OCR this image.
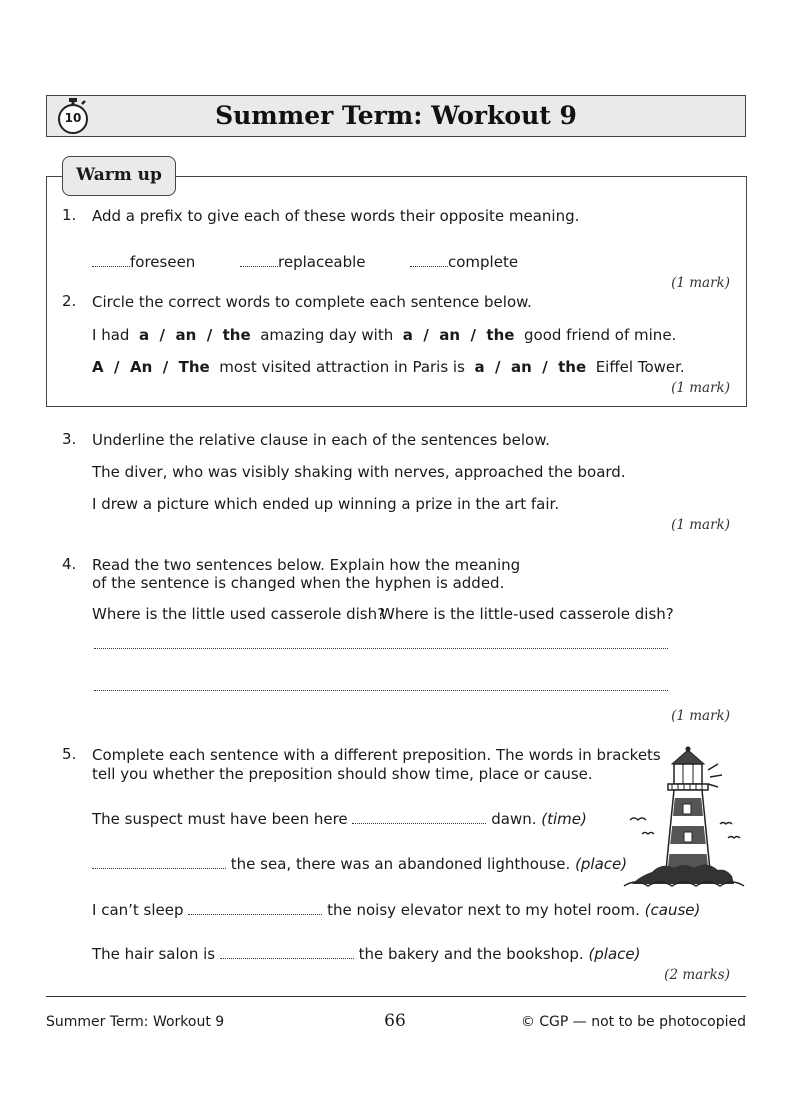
10	Summer Term: Workout 9
Warm up
1. Add a prefix to give each of these words their opposite meaning.
foreseen	replaceable	complete
(1 mark)
2. Circle the correct words to complete each sentence below.
I had a  /  an  /  the amazing day with a  /  an  /  the good friend of mine.
A  /  An  /  The most visited attraction in Paris is a  /  an  /  the Eiffel Tower.
(1 mark)
3. Underline the relative clause in each of the sentences below.
The diver, who was visibly shaking with nerves, approached the board.
I drew a picture which ended up winning a prize in the art fair.
(1 mark)
4. Read the two sentences below. Explain how the meaning
of the sentence is changed when the hyphen is added.
Where is the little used casserole dish?
Where is the little-used casserole dish?
(1 mark)
5. Complete each sentence with a different preposition. The words in brackets
tell you whether the preposition should show time, place or cause.
The suspect must have been here	dawn. (time)
the sea, there was an abandoned lighthouse. (place)
I can’t sleep	the noisy elevator next to my hotel room. (cause)
The hair salon is	the bakery and the bookshop. (place)
(2 marks)
Summer Term: Workout 9	66	© CGP — not to be photocopied
